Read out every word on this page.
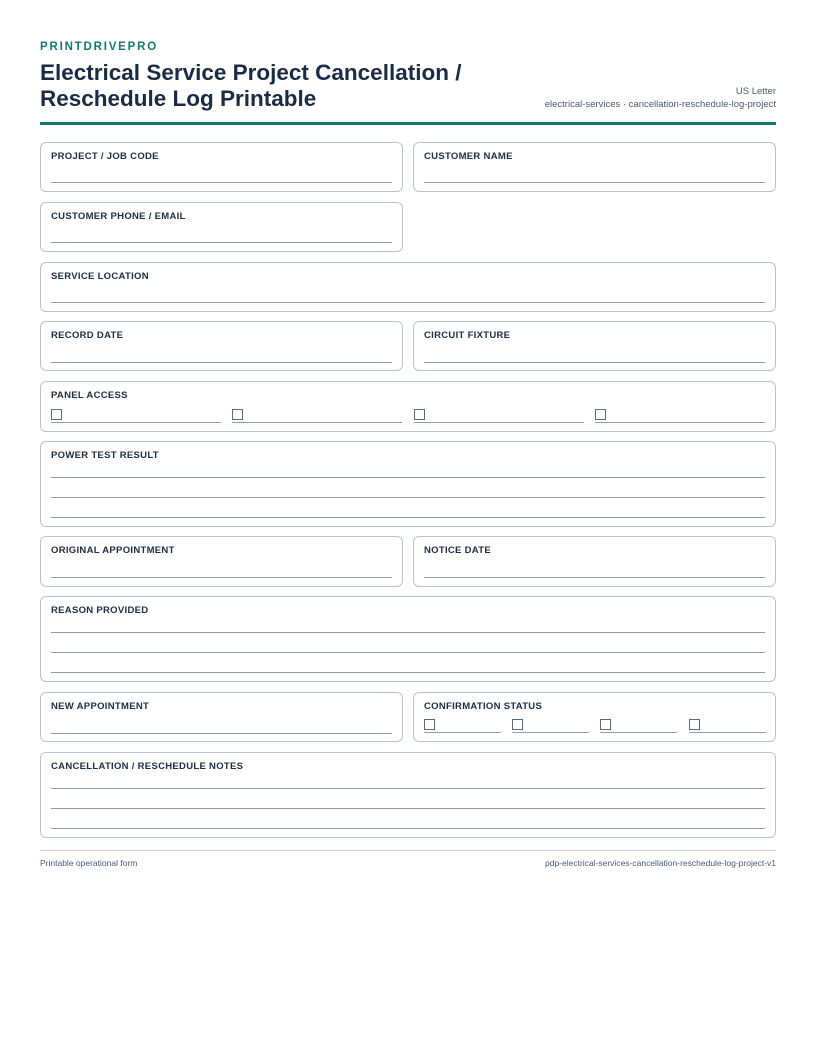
PRINTDRIVEPRO
Electrical Service Project Cancellation / Reschedule Log Printable	US Letter
electrical-services · cancellation-reschedule-log-project
PROJECT / JOB CODE	CUSTOMER NAME
CUSTOMER PHONE / EMAIL
SERVICE LOCATION
RECORD DATE	CIRCUIT FIXTURE
PANEL ACCESS
POWER TEST RESULT
ORIGINAL APPOINTMENT	NOTICE DATE
REASON PROVIDED
NEW APPOINTMENT	CONFIRMATION STATUS
CANCELLATION / RESCHEDULE NOTES
Printable operational form	pdp-electrical-services-cancellation-reschedule-log-project-v1
